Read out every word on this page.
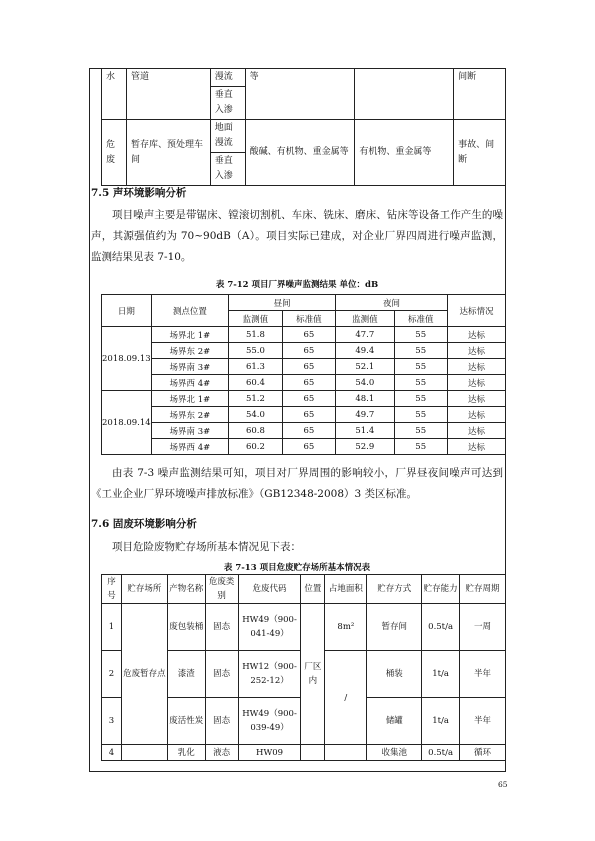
水	管道	漫流	等		间断
		垂直入渗			
危废	暂存库、预处理车间	地面漫流	酸碱、有机物、重金属等	有机物、重金属等	事故、间断
		垂直入渗			
7.5 声环境影响分析

项目噪声主要是带锯床、镗滚切割机、车床、铣床、磨床、钻床等设备工作产生的噪声，其源强值约为 70~90dB（A）。项目实际已建成，对企业厂界四周进行噪声监测，监测结果见表 7-10。

表 7-12 项目厂界噪声监测结果 单位：dB
日期	测点位置	昼间		夜间		达标情况
		监测值	标准值	监测值	标准值	
2018.09.13	场界北 1#	51.8	65	47.7	55	达标
	场界东 2#	55.0	65	49.4	55	达标
	场界南 3#	61.3	65	52.1	55	达标
	场界西 4#	60.4	65	54.0	55	达标
2018.09.14	场界北 1#	51.2	65	48.1	55	达标
	场界东 2#	54.0	65	49.7	55	达标
	场界南 3#	60.8	65	51.4	55	达标
	场界西 4#	60.2	65	52.9	55	达标

由表 7-3 噪声监测结果可知，项目对厂界周围的影响较小，厂界昼夜间噪声可达到《工业企业厂界环境噪声排放标准》（GB12348-2008）3 类区标准。

7.6 固废环境影响分析

项目危险废物贮存场所基本情况见下表：

表 7-13 项目危废贮存场所基本情况表
序号	贮存场所	产物名称	危废类别	危废代码	位置	占地面积	贮存方式	贮存能力	贮存周期
1	危废暂存点	废包装桶	固态	HW49（900-041-49）	厂区内	8m²	暂存间	0.5t/a	一周
2		漆渣	固态	HW12（900-252-12）		/	桶装	1t/a	半年
3		废活性炭	固态	HW49（900-039-49）			储罐	1t/a	半年
4		乳化	液态	HW09			收集池	0.5t/a	循环
65
